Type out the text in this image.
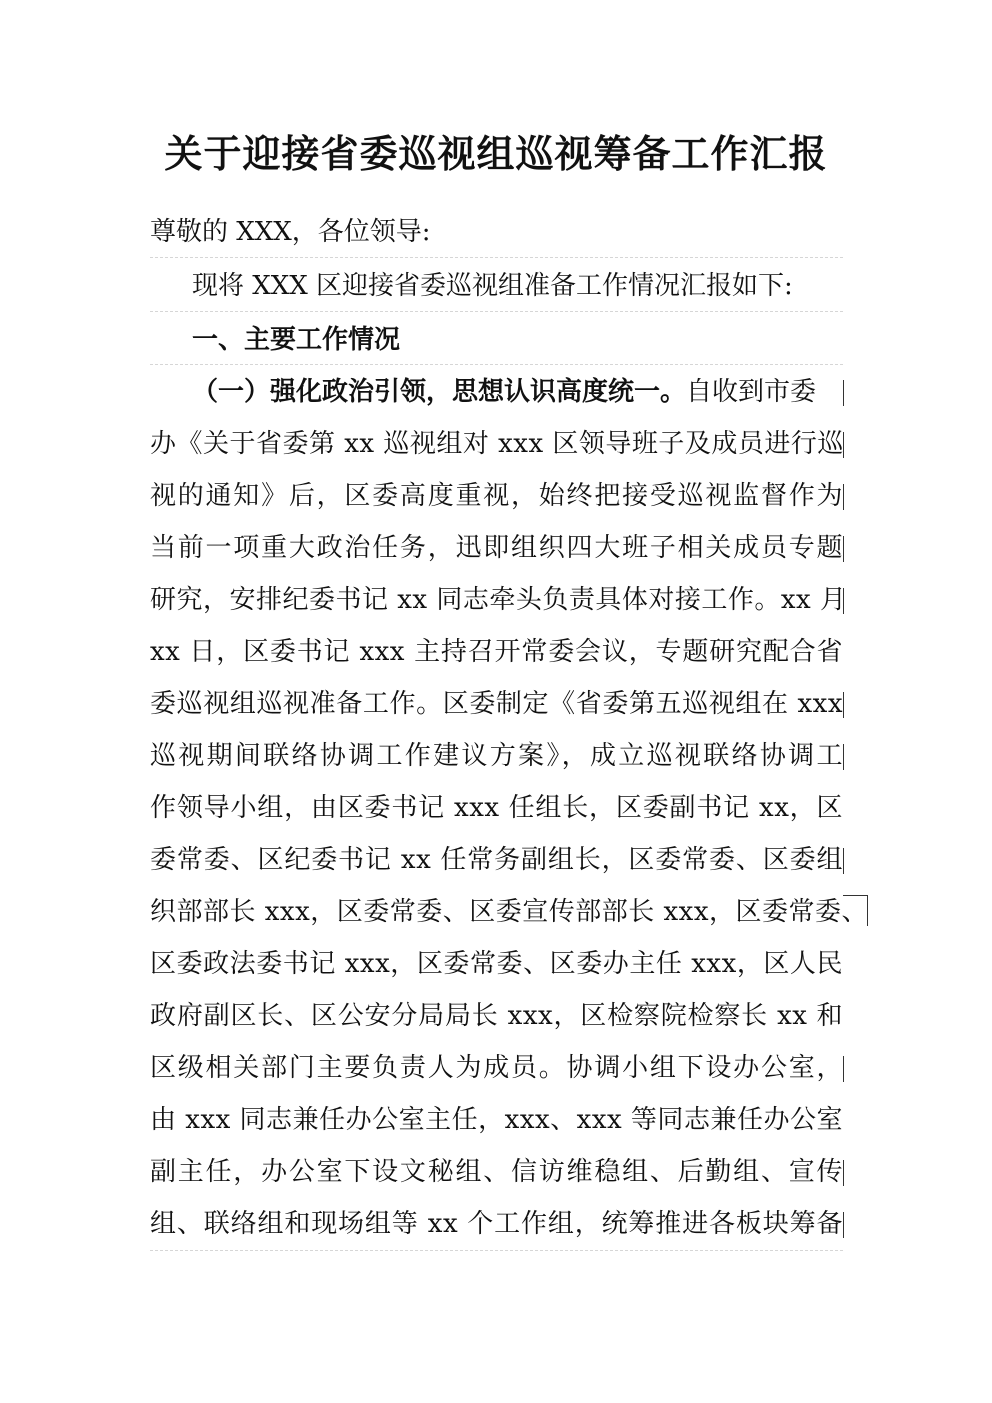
关于迎接省委巡视组巡视筹备工作汇报
尊敬的 XXX，各位领导:
现将 XXX 区迎接省委巡视组准备工作情况汇报如下:
一、主要工作情况
（一）强化政治引领，思想认识高度统一。自收到市委
办《关于省委第 xx 巡视组对 xxx 区领导班子及成员进行巡
视的通知》后，区委高度重视，始终把接受巡视监督作为
当前一项重大政治任务，迅即组织四大班子相关成员专题
研究，安排纪委书记 xx 同志牵头负责具体对接工作。xx 月
xx 日，区委书记 xxx 主持召开常委会议，专题研究配合省
委巡视组巡视准备工作。区委制定《省委第五巡视组在 xxx
巡视期间联络协调工作建议方案》，成立巡视联络协调工
作领导小组，由区委书记 xxx 任组长，区委副书记 xx，区
委常委、区纪委书记 xx 任常务副组长，区委常委、区委组
织部部长 xxx，区委常委、区委宣传部部长 xxx，区委常委、
区委政法委书记 xxx，区委常委、区委办主任 xxx，区人民
政府副区长、区公安分局局长 xxx，区检察院检察长 xx 和
区级相关部门主要负责人为成员。协调小组下设办公室，
由 xxx 同志兼任办公室主任，xxx、xxx 等同志兼任办公室
副主任，办公室下设文秘组、信访维稳组、后勤组、宣传
组、联络组和现场组等 xx 个工作组，统筹推进各板块筹备
